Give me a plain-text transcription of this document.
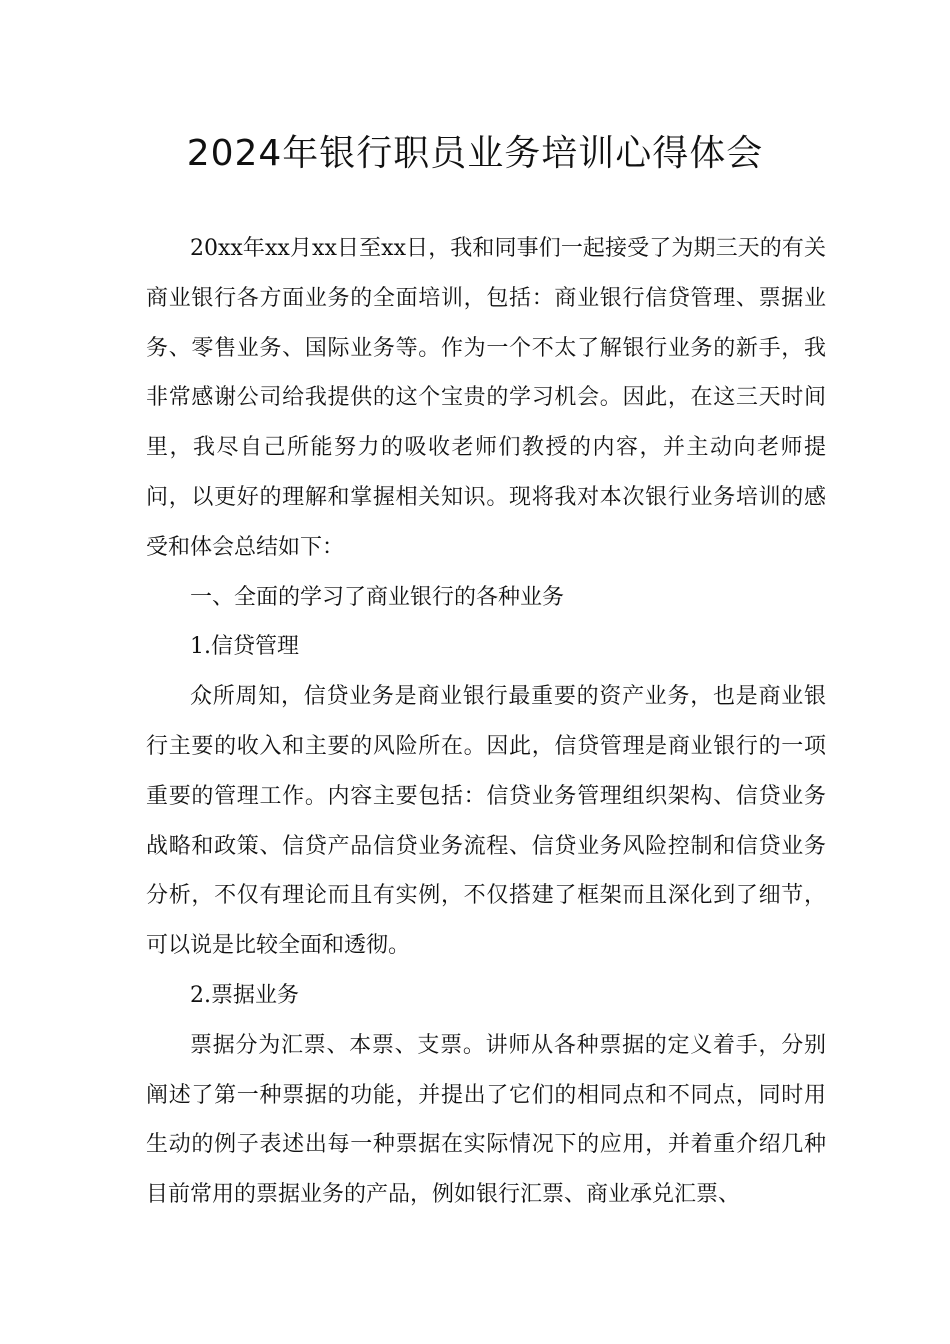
2024年银行职员业务培训心得体会

20xx年xx月xx日至xx日，我和同事们一起接受了为期三天的有关商业银行各方面业务的全面培训，包括：商业银行信贷管理、票据业务、零售业务、国际业务等。作为一个不太了解银行业务的新手，我非常感谢公司给我提供的这个宝贵的学习机会。因此，在这三天时间里，我尽自己所能努力的吸收老师们教授的内容，并主动向老师提问，以更好的理解和掌握相关知识。现将我对本次银行业务培训的感受和体会总结如下：

一、全面的学习了商业银行的各种业务

1.信贷管理

众所周知，信贷业务是商业银行最重要的资产业务，也是商业银行主要的收入和主要的风险所在。因此，信贷管理是商业银行的一项重要的管理工作。内容主要包括：信贷业务管理组织架构、信贷业务战略和政策、信贷产品信贷业务流程、信贷业务风险控制和信贷业务分析，不仅有理论而且有实例，不仅搭建了框架而且深化到了细节，可以说是比较全面和透彻。

2.票据业务

票据分为汇票、本票、支票。讲师从各种票据的定义着手，分别阐述了第一种票据的功能，并提出了它们的相同点和不同点，同时用生动的例子表述出每一种票据在实际情况下的应用，并着重介绍几种目前常用的票据业务的产品，例如银行汇票、商业承兑汇票、
